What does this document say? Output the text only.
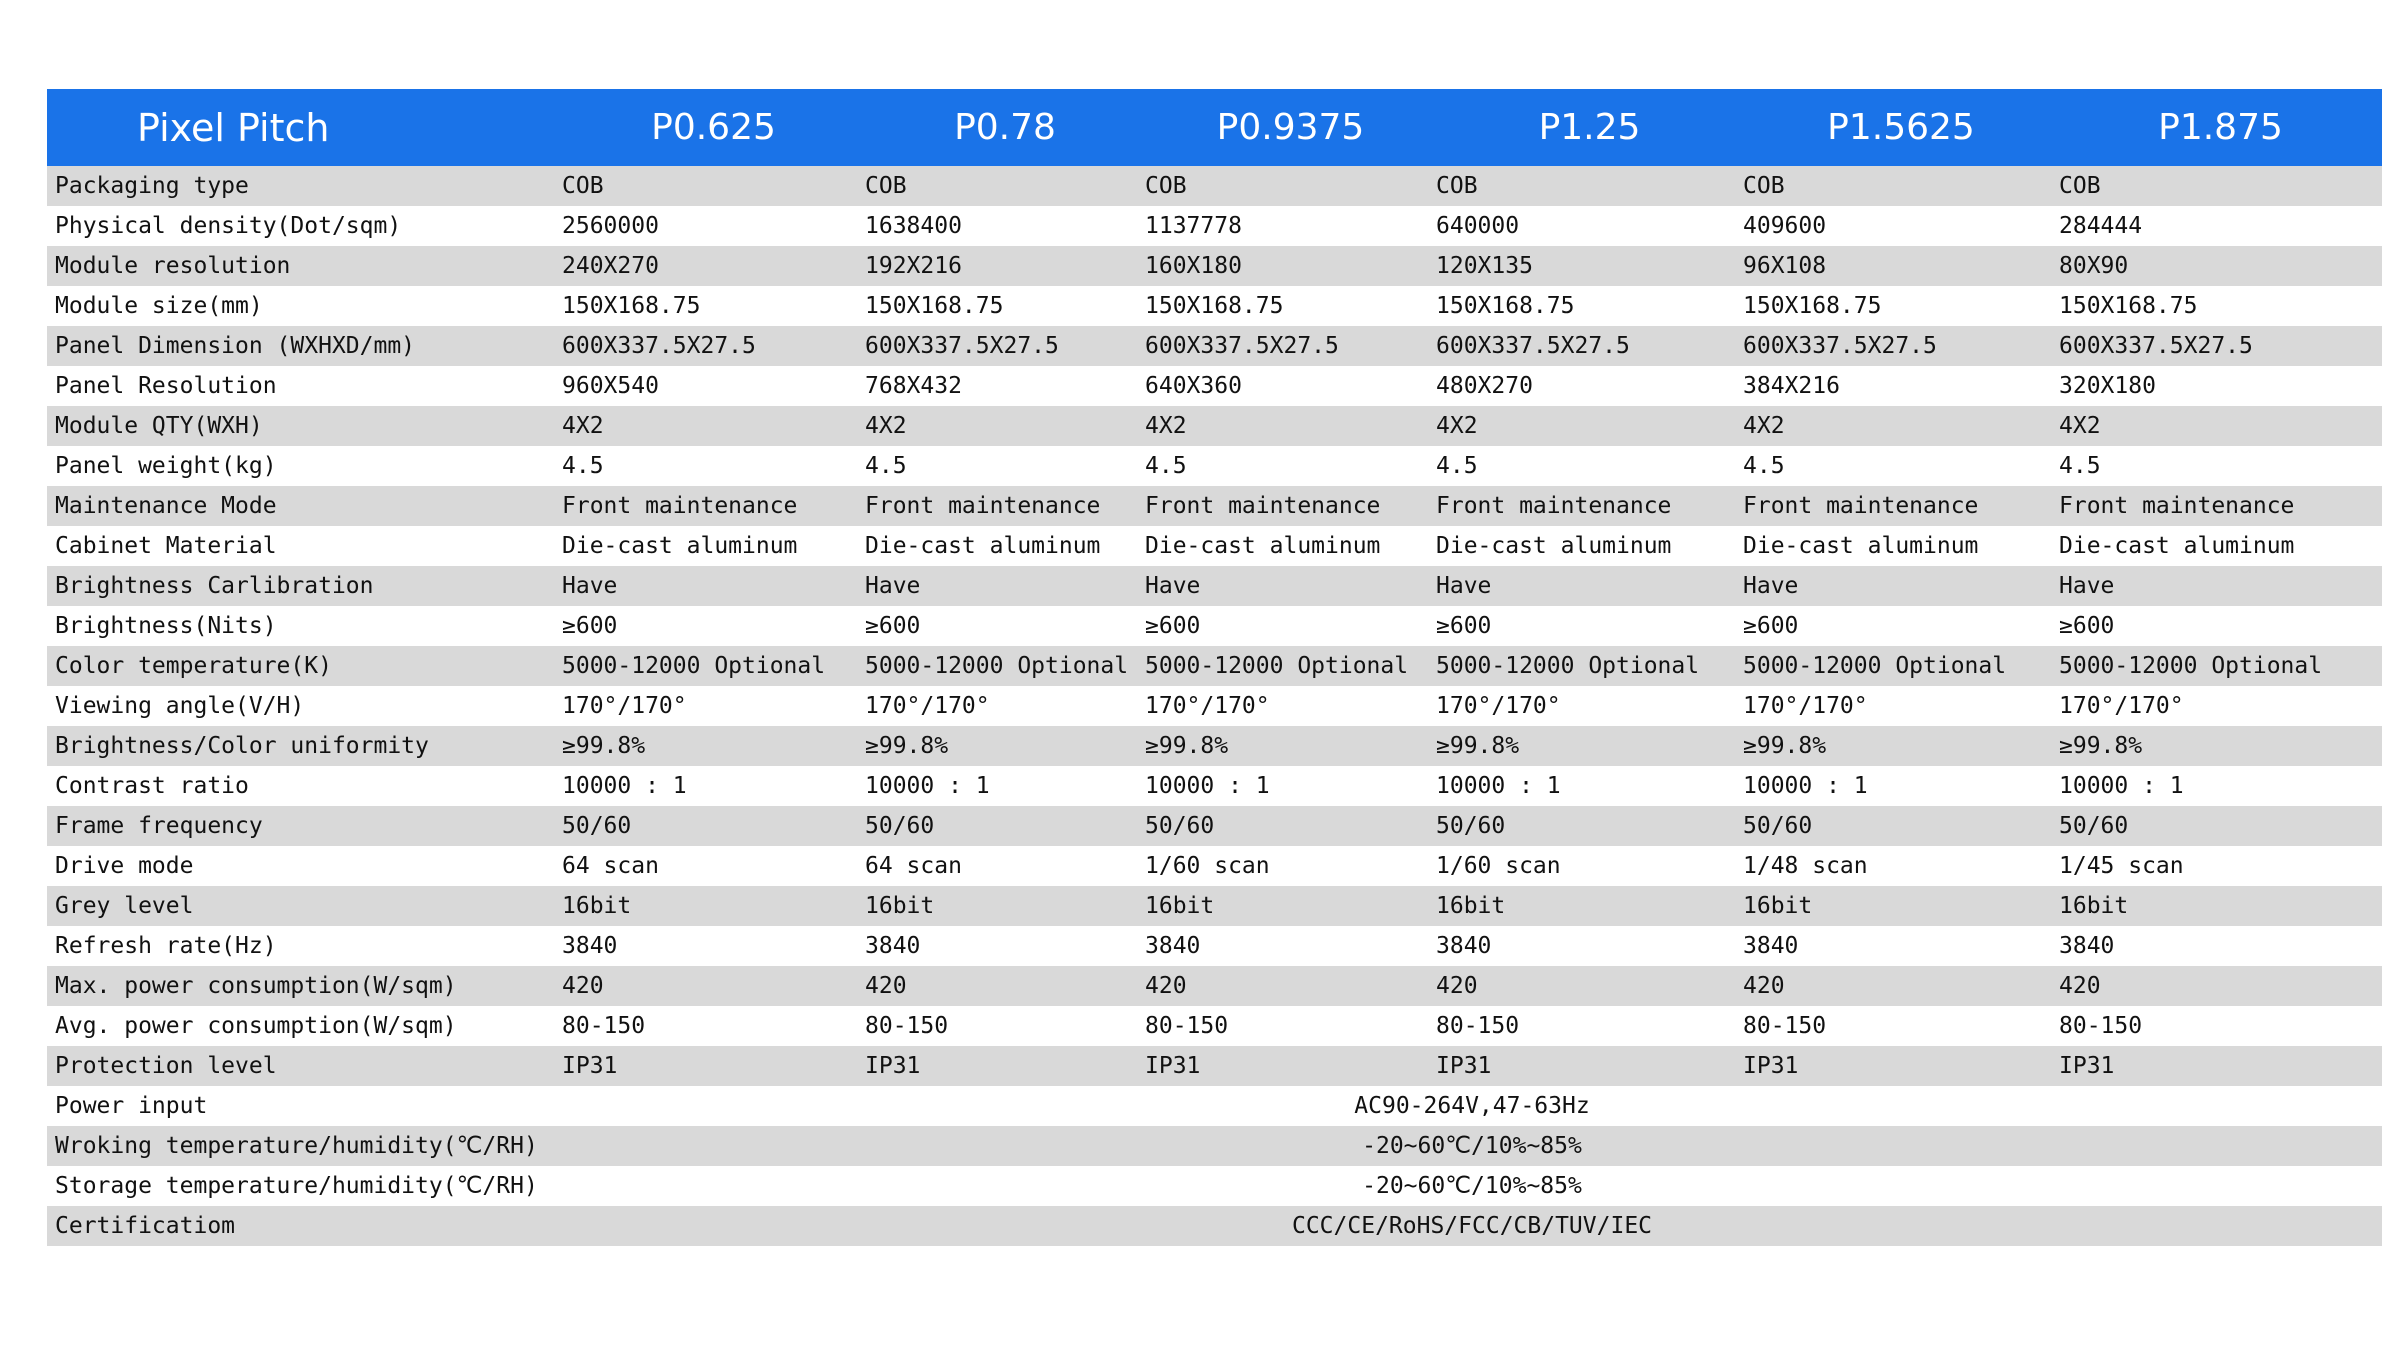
Pixel Pitch	P0.625	P0.78	P0.9375	P1.25	P1.5625	P1.875
Packaging type	COB	COB	COB	COB	COB	COB
Physical density(Dot/sqm)	2560000	1638400	1137778	640000	409600	284444
Module resolution	240X270	192X216	160X180	120X135	96X108	80X90
Module size(mm)	150X168.75	150X168.75	150X168.75	150X168.75	150X168.75	150X168.75
Panel Dimension (WXHXD/mm)	600X337.5X27.5	600X337.5X27.5	600X337.5X27.5	600X337.5X27.5	600X337.5X27.5	600X337.5X27.5
Panel Resolution	960X540	768X432	640X360	480X270	384X216	320X180
Module QTY(WXH)	4X2	4X2	4X2	4X2	4X2	4X2
Panel weight(kg)	4.5	4.5	4.5	4.5	4.5	4.5
Maintenance Mode	Front maintenance	Front maintenance	Front maintenance	Front maintenance	Front maintenance	Front maintenance
Cabinet Material	Die-cast aluminum	Die-cast aluminum	Die-cast aluminum	Die-cast aluminum	Die-cast aluminum	Die-cast aluminum
Brightness Carlibration	Have	Have	Have	Have	Have	Have
Brightness(Nits)	≥600	≥600	≥600	≥600	≥600	≥600
Color temperature(K)	5000-12000 Optional	5000-12000 Optional	5000-12000 Optional	5000-12000 Optional	5000-12000 Optional	5000-12000 Optional
Viewing angle(V/H)	170°/170°	170°/170°	170°/170°	170°/170°	170°/170°	170°/170°
Brightness/Color uniformity	≥99.8%	≥99.8%	≥99.8%	≥99.8%	≥99.8%	≥99.8%
Contrast ratio	10000 : 1	10000 : 1	10000 : 1	10000 : 1	10000 : 1	10000 : 1
Frame frequency	50/60	50/60	50/60	50/60	50/60	50/60
Drive mode	64 scan	64 scan	1/60 scan	1/60 scan	1/48 scan	1/45 scan
Grey level	16bit	16bit	16bit	16bit	16bit	16bit
Refresh rate(Hz)	3840	3840	3840	3840	3840	3840
Max. power consumption(W/sqm)	420	420	420	420	420	420
Avg. power consumption(W/sqm)	80-150	80-150	80-150	80-150	80-150	80-150
Protection level	IP31	IP31	IP31	IP31	IP31	IP31
Power input	AC90-264V,47-63Hz					
Wroking temperature/humidity(℃/RH)	-20~60℃/10%~85%					
Storage temperature/humidity(℃/RH)	-20~60℃/10%~85%					
Certificatiom	CCC/CE/RoHS/FCC/CB/TUV/IEC					
